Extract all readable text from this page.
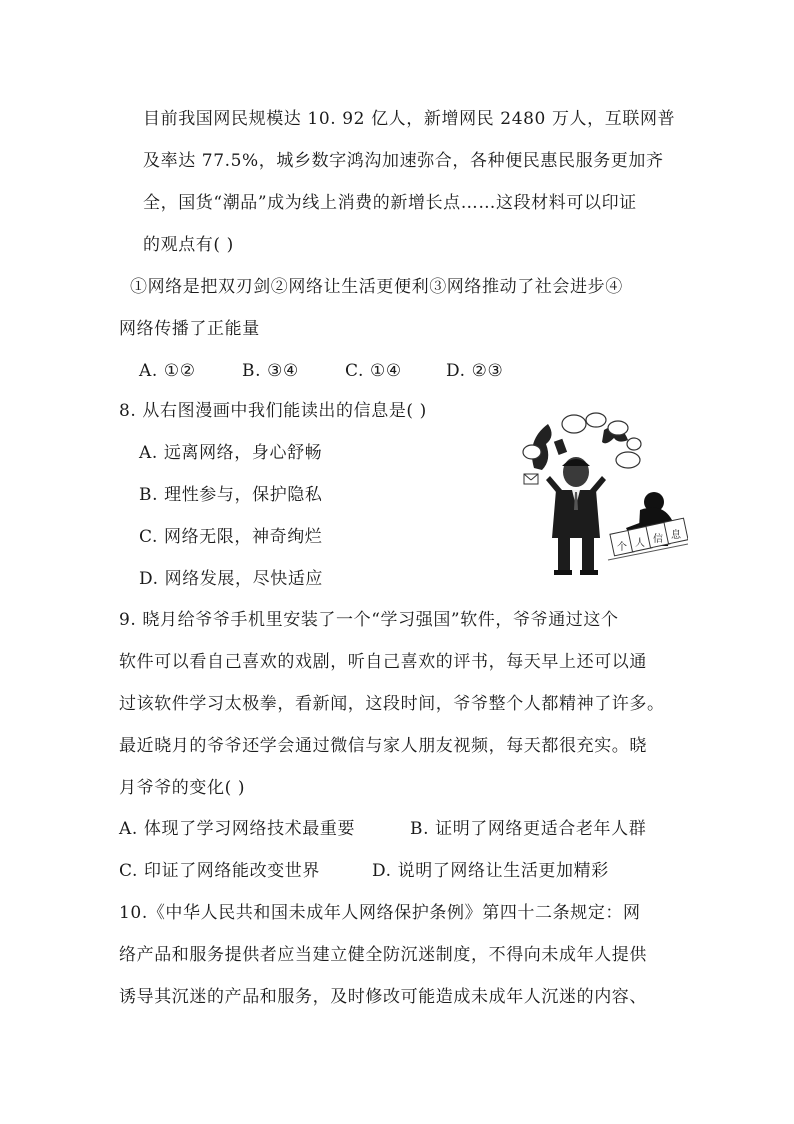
目前我国网民规模达 10. 92 亿人，新增网民 2480 万人，互联网普
及率达 77.5%，城乡数字鸿沟加速弥合，各种便民惠民服务更加齐
全，国货“潮品”成为线上消费的新增长点……这段材料可以印证
的观点有( )
①网络是把双刃剑②网络让生活更便利③网络推动了社会进步④
网络传播了正能量
A. ①②	B. ③④	C. ①④	D. ②③
8. 从右图漫画中我们能读出的信息是( )
A. 远离网络，身心舒畅
B. 理性参与，保护隐私
C. 网络无限，神奇绚烂
D. 网络发展，尽快适应
个 人 信 息
9. 晓月给爷爷手机里安装了一个“学习强国”软件，爷爷通过这个
软件可以看自己喜欢的戏剧，听自己喜欢的评书，每天早上还可以通
过该软件学习太极拳，看新闻，这段时间，爷爷整个人都精神了许多。
最近晓月的爷爷还学会通过微信与家人朋友视频，每天都很充实。晓
月爷爷的变化( )
A. 体现了学习网络技术最重要	B. 证明了网络更适合老年人群
C. 印证了网络能改变世界	D. 说明了网络让生活更加精彩
10.《中华人民共和国未成年人网络保护条例》第四十二条规定：网
络产品和服务提供者应当建立健全防沉迷制度，不得向未成年人提供
诱导其沉迷的产品和服务，及时修改可能造成未成年人沉迷的内容、
